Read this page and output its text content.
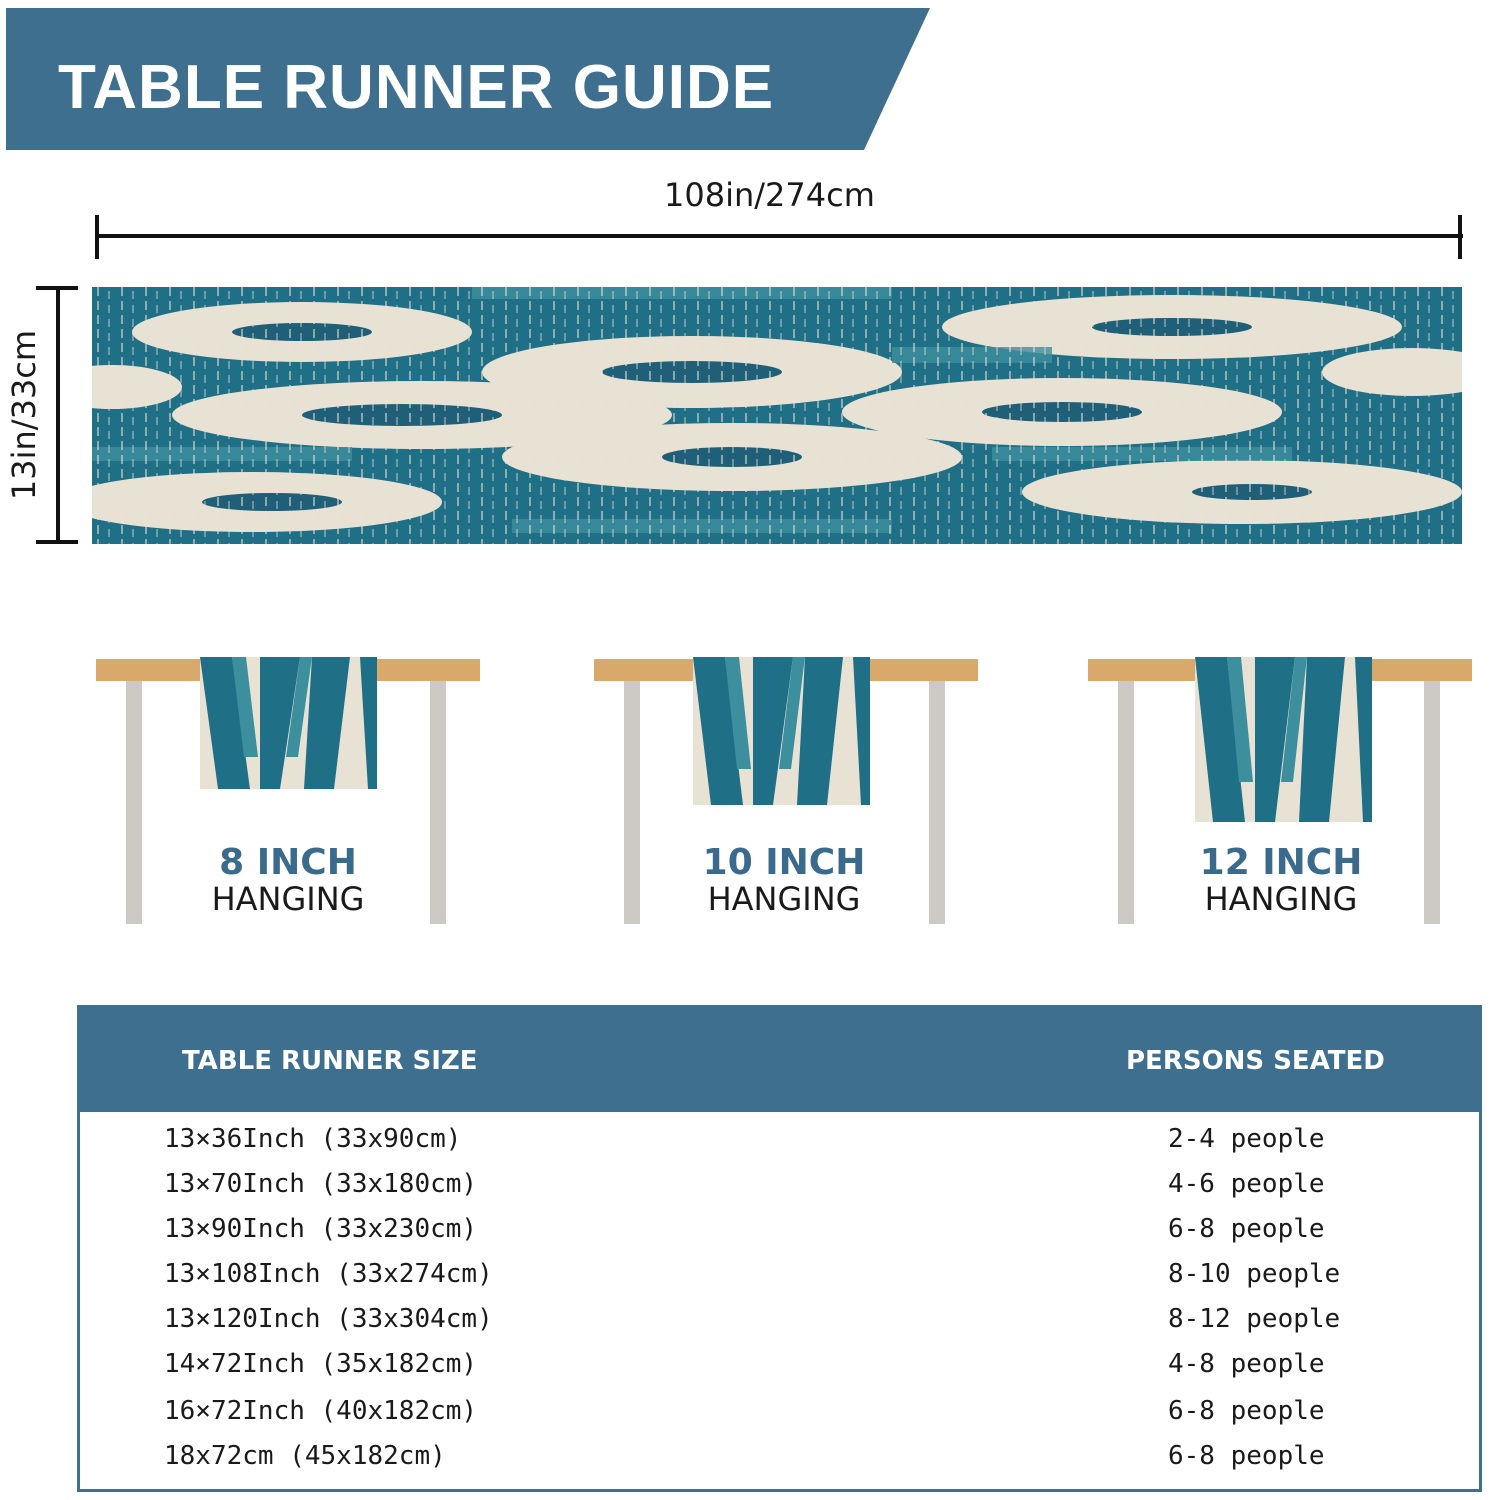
TABLE RUNNER GUIDE
108in/274cm
13in/33cm
8 INCH
HANGING
10 INCH
HANGING
12 INCH
HANGING
TABLE RUNNER SIZE	PERSONS SEATED
13×36Inch (33x90cm)	2-4 people
13×70Inch (33x180cm)	4-6 people
13×90Inch (33x230cm)	6-8 people
13×108Inch (33x274cm)	8-10 people
13×120Inch (33x304cm)	8-12 people
14×72Inch (35x182cm)	4-8 people
16×72Inch (40x182cm)	6-8 people
18x72cm (45x182cm)	6-8 people
